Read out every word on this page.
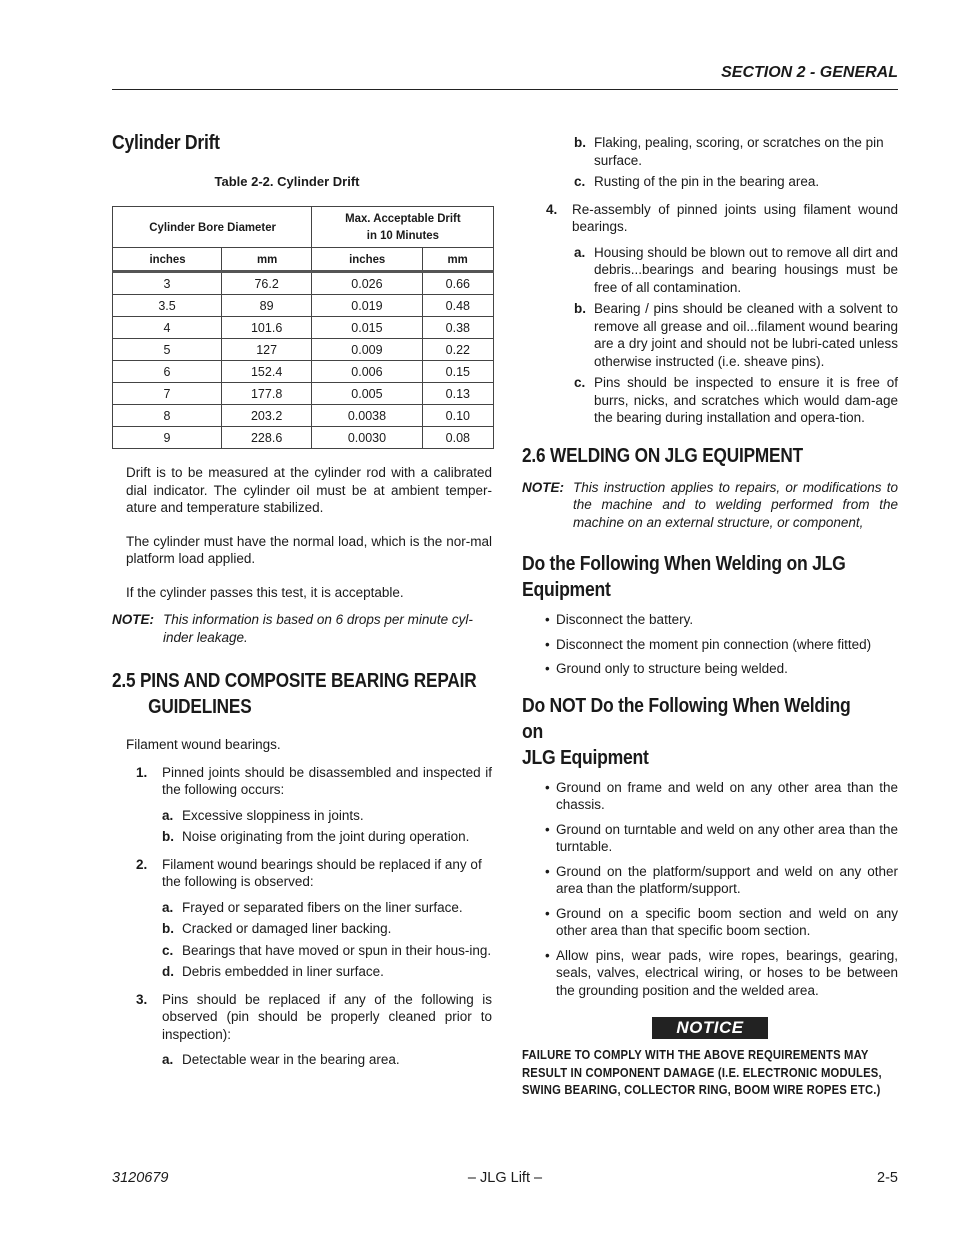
SECTION 2 - GENERAL
Cylinder Drift
Table 2-2. Cylinder Drift
Cylinder Bore Diameter		Max. Acceptable Drift
in 10 Minutes	
inches	mm	inches	mm
3	76.2	0.026	0.66
3.5	89	0.019	0.48
4	101.6	0.015	0.38
5	127	0.009	0.22
6	152.4	0.006	0.15
7	177.8	0.005	0.13
8	203.2	0.0038	0.10
9	228.6	0.0030	0.08

Drift is to be measured at the cylinder rod with a calibrated dial indicator. The cylinder oil must be at ambient temper-ature and temperature stabilized.

The cylinder must have the normal load, which is the nor-mal platform load applied.

If the cylinder passes this test, it is acceptable.

NOTE: This information is based on 6 drops per minute cyl-inder leakage.
2.5 PINS AND COMPOSITE BEARING REPAIR
GUIDELINES

Filament wound bearings.

1.	Pinned joints should be disassembled and inspected if the following occurs:
a. Excessive sloppiness in joints.
b. Noise originating from the joint during operation.
2.	Filament wound bearings should be replaced if any of the following is observed:
a. Frayed or separated fibers on the liner surface.
b. Cracked or damaged liner backing.
c. Bearings that have moved or spun in their hous-ing.
d. Debris embedded in liner surface.
3.	Pins should be replaced if any of the following is observed (pin should be properly cleaned prior to inspection):
a. Detectable wear in the bearing area.
b. Flaking, pealing, scoring, or scratches on the pin surface.
c. Rusting of the pin in the bearing area.
4.	Re-assembly of pinned joints using filament wound bearings.
a. Housing should be blown out to remove all dirt and debris...bearings and bearing housings must be free of all contamination.
b. Bearing / pins should be cleaned with a solvent to remove all grease and oil...filament wound bearing are a dry joint and should not be lubri-cated unless otherwise instructed (i.e. sheave pins).
c. Pins should be inspected to ensure it is free of burrs, nicks, and scratches which would dam-age the bearing during installation and opera-tion.
2.6 WELDING ON JLG EQUIPMENT
NOTE: This instruction applies to repairs, or modifications to the machine and to welding performed from the machine on an external structure, or component,
Do the Following When Welding on JLG
Equipment
• Disconnect the battery.
• Disconnect the moment pin connection (where fitted)
• Ground only to structure being welded.
Do NOT Do the Following When Welding on
JLG Equipment
• Ground on frame and weld on any other area than the chassis.
• Ground on turntable and weld on any other area than the turntable.
• Ground on the platform/support and weld on any other area than the platform/support.
• Ground on a specific boom section and weld on any other area than that specific boom section.
• Allow pins, wear pads, wire ropes, bearings, gearing, seals, valves, electrical wiring, or hoses to be between the grounding position and the welded area.
NOTICE
FAILURE TO COMPLY WITH THE ABOVE REQUIREMENTS MAY RESULT IN COMPONENT DAMAGE (I.E. ELECTRONIC MODULES, SWING BEARING, COLLECTOR RING, BOOM WIRE ROPES ETC.)
3120679	– JLG Lift –	2-5
